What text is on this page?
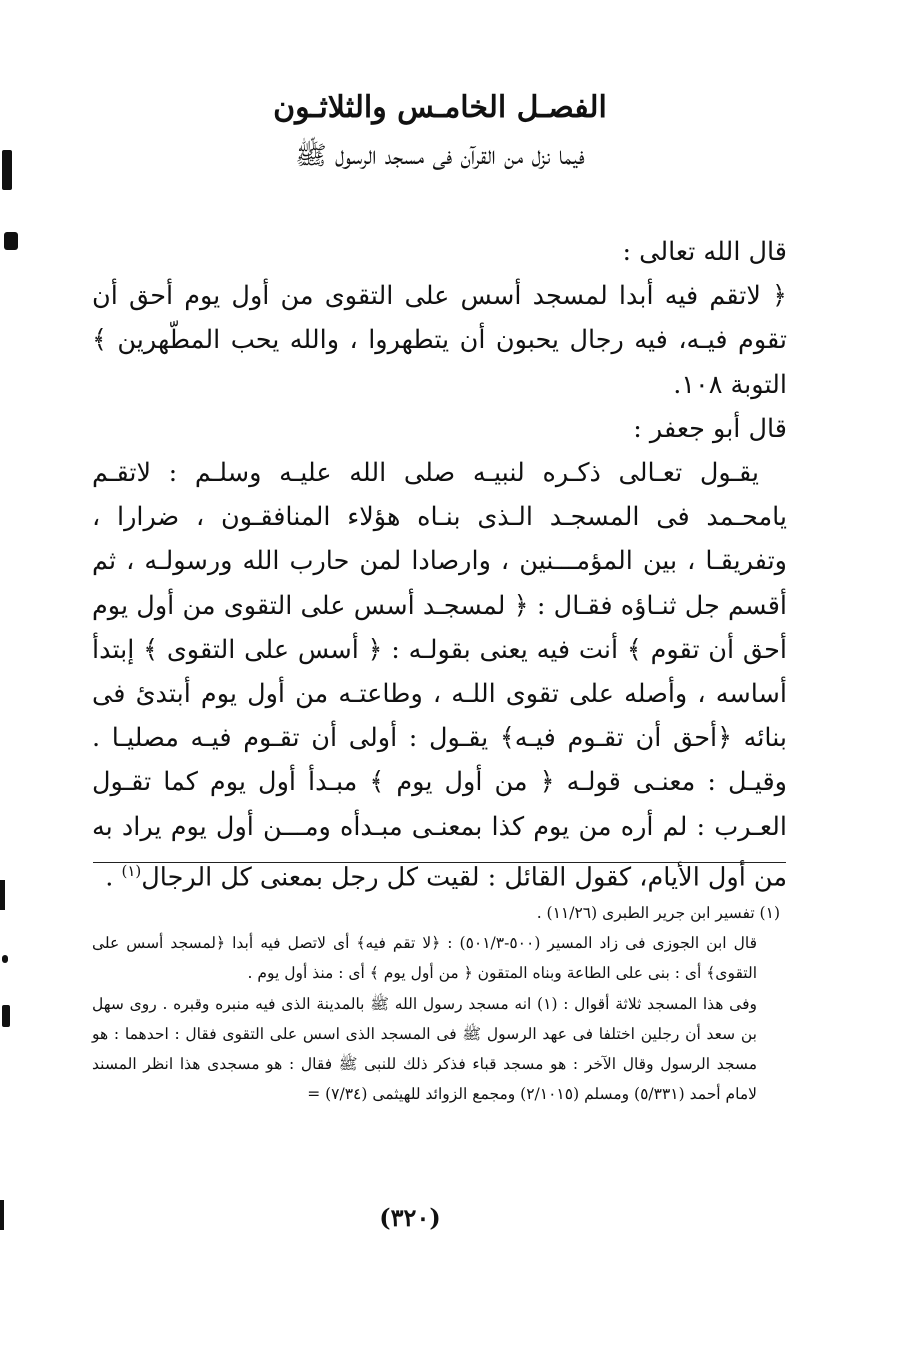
الفصـل الخامـس والثلاثـون
فيما نزل من القرآن فى مسجد الرسول ﷺ

قال الله تعالى :

﴿ لاتقم فيه أبدا لمسجد أسس على التقوى من أول يوم أحق أن تقوم فيـه، فيه رجال يحبون أن يتطهروا ، والله يحب المطّهرين ﴾ التوبة ١٠٨.

قال أبو جعفر :

يقـول تعـالى ذكـره لنبيـه صلى الله عليـه وسلـم : لاتقـم يامحـمد فى المسجـد الـذى بنـاه هؤلاء المنافقـون ، ضرارا ، وتفريقـا ، بين المؤمـــنين ، وارصادا لمن حارب الله ورسولـه ، ثم أقسم جل ثنـاؤه فقـال : ﴿ لمسجـد أسس على التقوى من أول يوم أحق أن تقوم ﴾ أنت فيه يعنى بقولـه : ﴿ أسس على التقوى ﴾ إبتدأ أساسه ، وأصله على تقوى اللـه ، وطاعتـه من أول يوم أبتدئ فى بنائه ﴿أحق أن تقـوم فيـه﴾ يقـول : أولى أن تقـوم فيـه مصليـا . وقيـل : معنـى قولـه ﴿ من أول يوم ﴾ مبـدأ أول يوم كما تقـول العـرب : لم أره من يوم كذا بمعنـى مبـدأه ومـــن أول يوم يراد به من أول الأيام، كقول القائل : لقيت كل رجل بمعنى كل الرجال$^{(١)}$ .

(١) تفسير ابن جرير الطبرى (١١/٢٦) .

قال ابن الجوزى فى زاد المسير (٥٠٠-٥٠١/٣) : ﴿لا تقم فيه﴾ أى لاتصل فيه أبدا ﴿لمسجد أسس على التقوى﴾ أى : بنى على الطاعة وبناه المتقون ﴿ من أول يوم ﴾ أى : منذ أول يوم .

وفى هذا المسجد ثلاثة أقوال : (١) انه مسجد رسول الله ﷺ بالمدينة الذى فيه منبره وقبره . روى سهل بن سعد أن رجلين اختلفا فى عهد الرسول ﷺ فى المسجد الذى اسس على التقوى فقال : احدهما : هو مسجد الرسول وقال الآخر : هو مسجد قباء فذكر ذلك للنبى ﷺ فقال : هو مسجدى هذا انظر المسند لامام أحمد (٥/٣٣١) ومسلم (٢/١٠١٥) ومجمع الزوائد للهيثمى (٧/٣٤) =

(٣٢٠)
